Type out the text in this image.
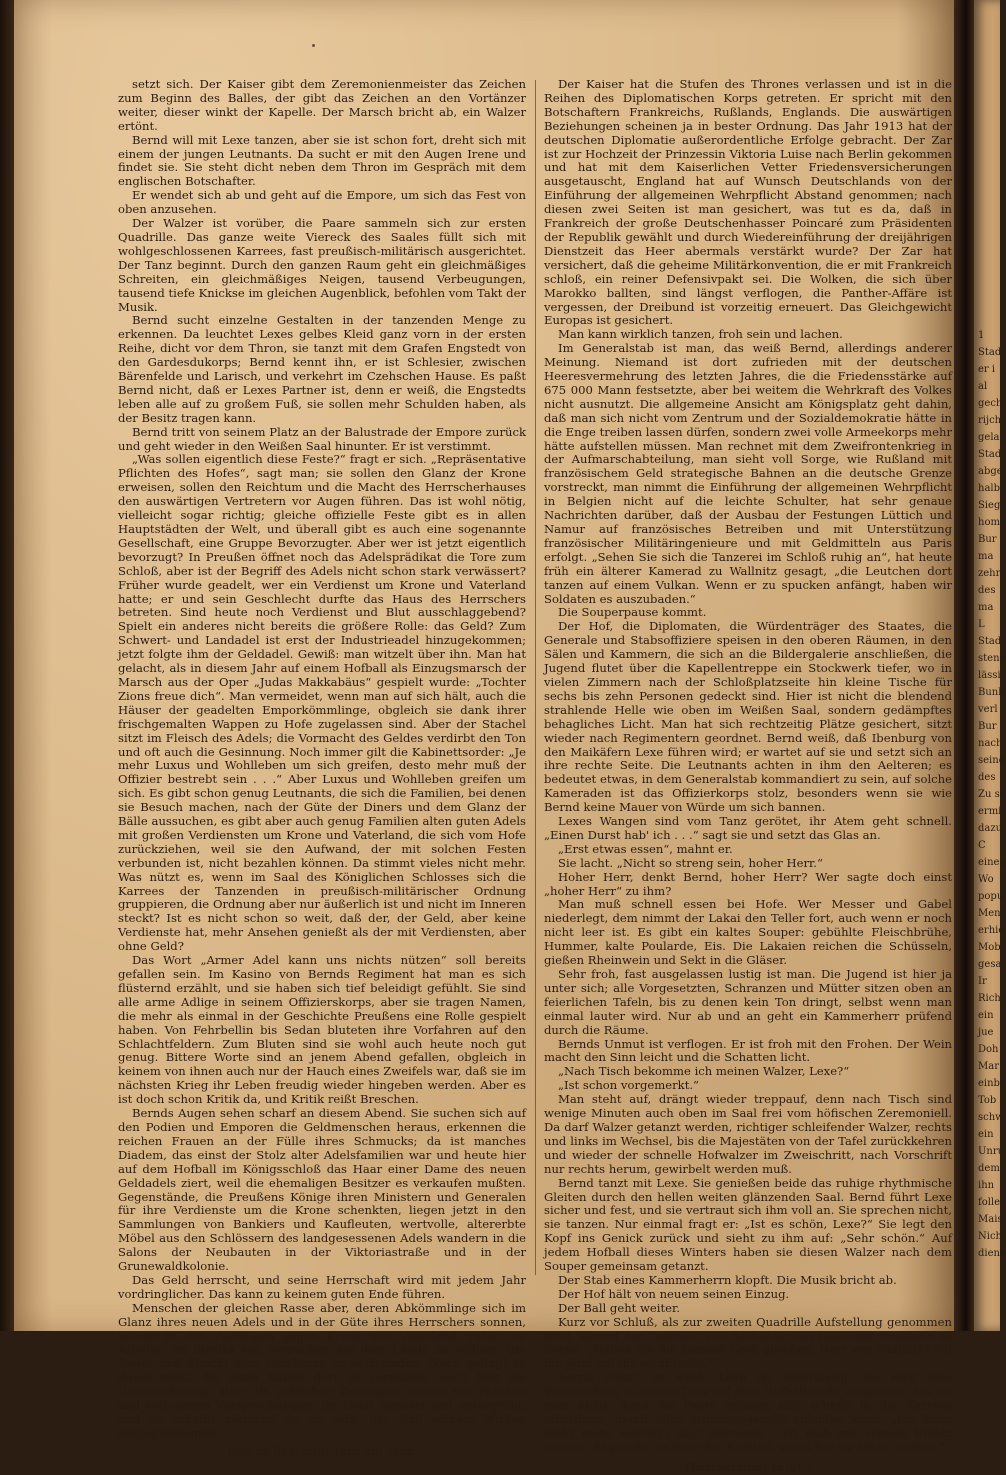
setzt sich. Der Kaiser gibt dem Zeremonienmeister das Zeichen zum Beginn des Balles, der gibt das Zeichen an den Vortänzer weiter, dieser winkt der Kapelle. Der Marsch bricht ab, ein Walzer ertönt.

Bernd will mit Lexe tanzen, aber sie ist schon fort, dreht sich mit einem der jungen Leutnants. Da sucht er mit den Augen Irene und findet sie. Sie steht dicht neben dem Thron im Gespräch mit dem englischen Botschafter.

Er wendet sich ab und geht auf die Empore, um sich das Fest von oben anzusehen.

Der Walzer ist vorüber, die Paare sammeln sich zur ersten Quadrille. Das ganze weite Viereck des Saales füllt sich mit wohlgeschlossenen Karrees, fast preußisch-militärisch ausgerichtet. Der Tanz beginnt. Durch den ganzen Raum geht ein gleichmäßiges Schreiten, ein gleichmäßiges Neigen, tausend Verbeugungen, tausend tiefe Knickse im gleichen Augenblick, befohlen vom Takt der Musik.

Bernd sucht einzelne Gestalten in der tanzenden Menge zu erkennen. Da leuchtet Lexes gelbes Kleid ganz vorn in der ersten Reihe, dicht vor dem Thron, sie tanzt mit dem Grafen Engstedt von den Gardesdukorps; Bernd kennt ihn, er ist Schlesier, zwischen Bärenfelde und Larisch, und verkehrt im Czehschen Hause. Es paßt Bernd nicht, daß er Lexes Partner ist, denn er weiß, die Engstedts leben alle auf zu großem Fuß, sie sollen mehr Schulden haben, als der Besitz tragen kann.

Bernd tritt von seinem Platz an der Balustrade der Empore zurück und geht wieder in den Weißen Saal hinunter. Er ist verstimmt.

„Was sollen eigentlich diese Feste?“ fragt er sich. „Repräsentative Pflichten des Hofes“, sagt man; sie sollen den Glanz der Krone erweisen, sollen den Reichtum und die Macht des Herrscherhauses den auswärtigen Vertretern vor Augen führen. Das ist wohl nötig, vielleicht sogar richtig; gleiche offizielle Feste gibt es in allen Hauptstädten der Welt, und überall gibt es auch eine sogenannte Gesellschaft, eine Gruppe Bevorzugter. Aber wer ist jetzt eigentlich bevorzugt? In Preußen öffnet noch das Adelsprädikat die Tore zum Schloß, aber ist der Begriff des Adels nicht schon stark verwässert? Früher wurde geadelt, wer ein Verdienst um Krone und Vaterland hatte; er und sein Geschlecht durfte das Haus des Herrschers betreten. Sind heute noch Verdienst und Blut ausschlaggebend? Spielt ein anderes nicht bereits die größere Rolle: das Geld? Zum Schwert- und Landadel ist erst der Industrieadel hinzugekommen; jetzt folgte ihm der Geldadel. Gewiß: man witzelt über ihn. Man hat gelacht, als in diesem Jahr auf einem Hofball als Einzugsmarsch der Marsch aus der Oper „Judas Makkabäus“ gespielt wurde: „Tochter Zions freue dich“. Man vermeidet, wenn man auf sich hält, auch die Häuser der geadelten Emporkömmlinge, obgleich sie dank ihrer frischgemalten Wappen zu Hofe zugelassen sind. Aber der Stachel sitzt im Fleisch des Adels; die Vormacht des Geldes verdirbt den Ton und oft auch die Gesinnung. Noch immer gilt die Kabinettsorder: „Je mehr Luxus und Wohlleben um sich greifen, desto mehr muß der Offizier bestrebt sein . . .“ Aber Luxus und Wohlleben greifen um sich. Es gibt schon genug Leutnants, die sich die Familien, bei denen sie Besuch machen, nach der Güte der Diners und dem Glanz der Bälle aussuchen, es gibt aber auch genug Familien alten guten Adels mit großen Verdiensten um Krone und Vaterland, die sich vom Hofe zurückziehen, weil sie den Aufwand, der mit solchen Festen verbunden ist, nicht bezahlen können. Da stimmt vieles nicht mehr. Was nützt es, wenn im Saal des Königlichen Schlosses sich die Karrees der Tanzenden in preußisch-militärischer Ordnung gruppieren, die Ordnung aber nur äußerlich ist und nicht im Inneren steckt? Ist es nicht schon so weit, daß der, der Geld, aber keine Verdienste hat, mehr Ansehen genießt als der mit Verdiensten, aber ohne Geld?

Das Wort „Armer Adel kann uns nichts nützen“ soll bereits gefallen sein. Im Kasino von Bernds Regiment hat man es sich flüsternd erzählt, und sie haben sich tief beleidigt gefühlt. Sie sind alle arme Adlige in seinem Offizierskorps, aber sie tragen Namen, die mehr als einmal in der Geschichte Preußens eine Rolle gespielt haben. Von Fehrbellin bis Sedan bluteten ihre Vorfahren auf den Schlachtfeldern. Zum Bluten sind sie wohl auch heute noch gut genug. Bittere Worte sind an jenem Abend gefallen, obgleich in keinem von ihnen auch nur der Hauch eines Zweifels war, daß sie im nächsten Krieg ihr Leben freudig wieder hingeben werden. Aber es ist doch schon Kritik da, und Kritik reißt Breschen.

Bernds Augen sehen scharf an diesem Abend. Sie suchen sich auf den Podien und Emporen die Geldmenschen heraus, erkennen die reichen Frauen an der Fülle ihres Schmucks; da ist manches Diadem, das einst der Stolz alter Adelsfamilien war und heute hier auf dem Hofball im Königsschloß das Haar einer Dame des neuen Geldadels ziert, weil die ehemaligen Besitzer es verkaufen mußten. Gegenstände, die Preußens Könige ihren Ministern und Generalen für ihre Verdienste um die Krone schenkten, liegen jetzt in den Sammlungen von Bankiers und Kaufleuten, wertvolle, altererbte Möbel aus den Schlössern des landgesessenen Adels wandern in die Salons der Neubauten in der Viktoriastraße und in der Grunewaldkolonie.

Das Geld herrscht, und seine Herrschaft wird mit jedem Jahr vordringlicher. Das kann zu keinem guten Ende führen.

Menschen der gleichen Rasse aber, deren Abkömmlinge sich im Glanz ihres neuen Adels und in der Güte ihres Herrschers sonnen, hetzen in den Zeitungen gegen Krone und Vaterland, rufen die Arbeiter zu Streiks auf, versuchen auf dem Lande zu wühlen, um Bauer und Knecht dem Gutsherrn zu entfremden. Noch gelingt es ihnen nicht, die alten Bande dort zu zerreißen, noch hält die Ueberlieferung, aber die jüdischen Zeitungen locken mit Phrasen und verlogenen Versprechungen; ihr Geist zersetzt und untergräbt, und es scheint niemand da zu sein, der sich seinem Wirken entgegenstemmt.

Und im Saal folgt Tanz auf Tanz.

Der Kaiser hat die Stufen des Thrones verlassen und ist in die Reihen des Diplomatischen Korps getreten. Er spricht mit den Botschaftern Frankreichs, Rußlands, Englands. Die auswärtigen Beziehungen scheinen ja in bester Ordnung. Das Jahr 1913 hat der deutschen Diplomatie außerordentliche Erfolge gebracht. Der Zar ist zur Hochzeit der Prinzessin Viktoria Luise nach Berlin gekommen und hat mit dem Kaiserlichen Vetter Friedensversicherungen ausgetauscht, England hat auf Wunsch Deutschlands von der Einführung der allgemeinen Wehrpflicht Abstand genommen; nach diesen zwei Seiten ist man gesichert, was tut es da, daß in Frankreich der große Deutschenhasser Poincaré zum Präsidenten der Republik gewählt und durch Wiedereinführung der dreijährigen Dienstzeit das Heer abermals verstärkt wurde? Der Zar hat versichert, daß die geheime Militärkonvention, die er mit Frankreich schloß, ein reiner Defensivpakt sei. Die Wolken, die sich über Marokko ballten, sind längst verflogen, die Panther-Affäre ist vergessen, der Dreibund ist vorzeitig erneuert. Das Gleichgewicht Europas ist gesichert.

Man kann wirklich tanzen, froh sein und lachen.

Im Generalstab ist man, das weiß Bernd, allerdings anderer Meinung. Niemand ist dort zufrieden mit der deutschen Heeresvermehrung des letzten Jahres, die die Friedensstärke auf 675 000 Mann festsetzte, aber bei weitem die Wehrkraft des Volkes nicht ausnutzt. Die allgemeine Ansicht am Königsplatz geht dahin, daß man sich nicht vom Zentrum und der Sozialdemokratie hätte in die Enge treiben lassen dürfen, sondern zwei volle Armeekorps mehr hätte aufstellen müssen. Man rechnet mit dem Zweifrontenkrieg in der Aufmarschabteilung, man sieht voll Sorge, wie Rußland mit französischem Geld strategische Bahnen an die deutsche Grenze vorstreckt, man nimmt die Einführung der allgemeinen Wehrpflicht in Belgien nicht auf die leichte Schulter, hat sehr genaue Nachrichten darüber, daß der Ausbau der Festungen Lüttich und Namur auf französisches Betreiben und mit Unterstützung französischer Militäringenieure und mit Geldmitteln aus Paris erfolgt. „Sehen Sie sich die Tanzerei im Schloß ruhig an“, hat heute früh ein älterer Kamerad zu Wallnitz gesagt, „die Leutchen dort tanzen auf einem Vulkan. Wenn er zu spucken anfängt, haben wir Soldaten es auszubaden.“

Die Souperpause kommt.

Der Hof, die Diplomaten, die Würdenträger des Staates, die Generale und Stabsoffiziere speisen in den oberen Räumen, in den Sälen und Kammern, die sich an die Bildergalerie anschließen, die Jugend flutet über die Kapellentreppe ein Stockwerk tiefer, wo in vielen Zimmern nach der Schloßplatzseite hin kleine Tische für sechs bis zehn Personen gedeckt sind. Hier ist nicht die blendend strahlende Helle wie oben im Weißen Saal, sondern gedämpftes behagliches Licht. Man hat sich rechtzeitig Plätze gesichert, sitzt wieder nach Regimentern geordnet. Bernd weiß, daß Ibenburg von den Maikäfern Lexe führen wird; er wartet auf sie und setzt sich an ihre rechte Seite. Die Leutnants achten in ihm den Aelteren; es bedeutet etwas, in dem Generalstab kommandiert zu sein, auf solche Kameraden ist das Offizierkorps stolz, besonders wenn sie wie Bernd keine Mauer von Würde um sich bannen.

Lexes Wangen sind vom Tanz gerötet, ihr Atem geht schnell. „Einen Durst hab' ich . . .“ sagt sie und setzt das Glas an.

„Erst etwas essen“, mahnt er.

Sie lacht. „Nicht so streng sein, hoher Herr.“

Hoher Herr, denkt Bernd, hoher Herr? Wer sagte doch einst „hoher Herr“ zu ihm?

Man muß schnell essen bei Hofe. Wer Messer und Gabel niederlegt, dem nimmt der Lakai den Teller fort, auch wenn er noch nicht leer ist. Es gibt ein kaltes Souper: gebühlte Fleischbrühe, Hummer, kalte Poularde, Eis. Die Lakaien reichen die Schüsseln, gießen Rheinwein und Sekt in die Gläser.

Sehr froh, fast ausgelassen lustig ist man. Die Jugend ist hier ja unter sich; alle Vorgesetzten, Schranzen und Mütter sitzen oben an feierlichen Tafeln, bis zu denen kein Ton dringt, selbst wenn man einmal lauter wird. Nur ab und an geht ein Kammerherr prüfend durch die Räume.

Bernds Unmut ist verflogen. Er ist froh mit den Frohen. Der Wein macht den Sinn leicht und die Schatten licht.

„Nach Tisch bekomme ich meinen Walzer, Lexe?“

„Ist schon vorgemerkt.“

Man steht auf, drängt wieder treppauf, denn nach Tisch sind wenige Minuten auch oben im Saal frei vom höfischen Zeremoniell. Da darf Walzer getanzt werden, richtiger schleifender Walzer, rechts und links im Wechsel, bis die Majestäten von der Tafel zurückkehren und wieder der schnelle Hofwalzer im Zweischritt, nach Vorschrift nur rechts herum, gewirbelt werden muß.

Bernd tanzt mit Lexe. Sie genießen beide das ruhige rhythmische Gleiten durch den hellen weiten glänzenden Saal. Bernd führt Lexe sicher und fest, und sie vertraut sich ihm voll an. Sie sprechen nicht, sie tanzen. Nur einmal fragt er: „Ist es schön, Lexe?“ Sie legt den Kopf ins Genick zurück und sieht zu ihm auf: „Sehr schön.“ Auf jedem Hofball dieses Winters haben sie diesen Walzer nach dem Souper gemeinsam getanzt.

Der Stab eines Kammerherrn klopft. Die Musik bricht ab.

Der Hof hält von neuem seinen Einzug.

Der Ball geht weiter.

Kurz vor Schluß, als zur zweiten Quadrille Aufstellung genommen wird, kommt der Leutnant von Bärheide vom Regiment Elisabeth zu Bernd. „Haben Sie die Komteß Czeh gesehen, Herr von Wallnitz? Ich bin jetzt mit ihr verabredet.“

Bernd stutzt, er weiß: Lexe ist zuverlässig, sie wird eine Verabredung zu einem Tanz auf dem Hofball nicht vergessen; das tut man nicht, denn die Paare müssen sich schnell in die Karrees einordnen, damit alles ordnungsgemäß ablaufen kann. „Ich kann nicht mehr warten“, sagt Bärheide, „ich muß mir schnell Ersatz suchen. Sagen Sie es bitte der Komteß, wenn Sie sie sehen sollten.“

(Fortsetzung folgt.)

1
Stad
er i
al
gech
rijch
gela
Stad
abge
halb
Sieg
hom
Bur
ma
zehr
des
ma
L
Stad
stens
lässi
Bunk
verl
Bur
nach
seine
des
Zu si
ermi
dazu
C
einen
Wo
popu
Men
erhie
Mob
gesa
Ir
Rich
ein
jue
Doh
Mar
einbl
Tob
schw
ein
Unru
dem
ihn
folle
Mais
Nich
diene
